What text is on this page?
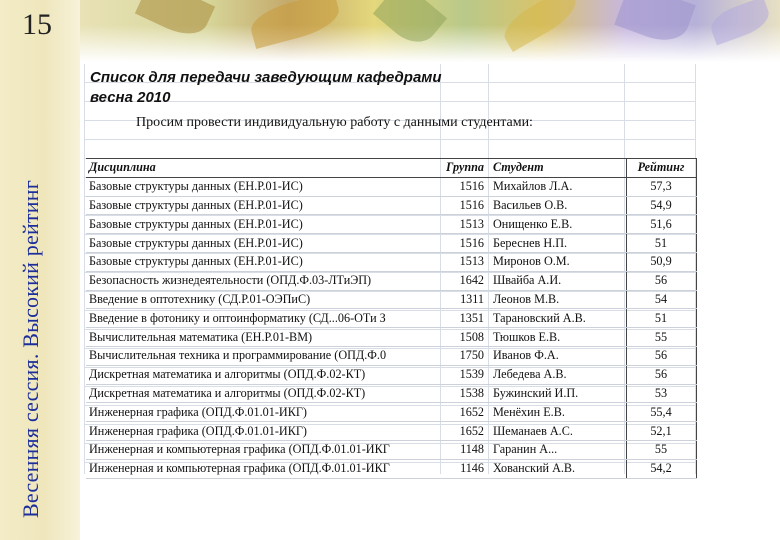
15
Весенняя сессия. Высокий рейтинг
Список для передачи заведующим кафедрами
весна 2010
Просим провести индивидуальную работу с данными студентами:
Дисциплина	Группа	Студент	Рейтинг
Базовые структуры данных (ЕН.Р.01-ИС)	1516	Михайлов Л.А.	57,3
Базовые структуры данных (ЕН.Р.01-ИС)	1516	Васильев О.В.	54,9
Базовые структуры данных (ЕН.Р.01-ИС)	1513	Онищенко Е.В.	51,6
Базовые структуры данных (ЕН.Р.01-ИС)	1516	Береснев Н.П.	51
Базовые структуры данных (ЕН.Р.01-ИС)	1513	Миронов О.М.	50,9
Безопасность жизнедеятельности (ОПД.Ф.03-ЛТиЭП)	1642	Швайба А.И.	56
Введение в оптотехнику (СД.Р.01-ОЭПиС)	1311	Леонов М.В.	54
Введение в фотонику и оптоинформатику (СД...06-ОТи З	1351	Тарановский А.В.	51
Вычислительная математика (ЕН.Р.01-ВМ)	1508	Тюшков Е.В.	55
Вычислительная техника и программирование (ОПД.Ф.0	1750	Иванов Ф.А.	56
Дискретная математика и алгоритмы (ОПД.Ф.02-КТ)	1539	Лебедева А.В.	56
Дискретная математика и алгоритмы (ОПД.Ф.02-КТ)	1538	Бужинский И.П.	53
Инженерная графика (ОПД.Ф.01.01-ИКГ)	1652	Менёхин Е.В.	55,4
Инженерная графика (ОПД.Ф.01.01-ИКГ)	1652	Шеманаев А.С.	52,1
Инженерная и компьютерная графика (ОПД.Ф.01.01-ИКГ	1148	Гаранин А...	55
Инженерная и компьютерная графика (ОПД.Ф.01.01-ИКГ	1146	Хованский А.В.	54,2
